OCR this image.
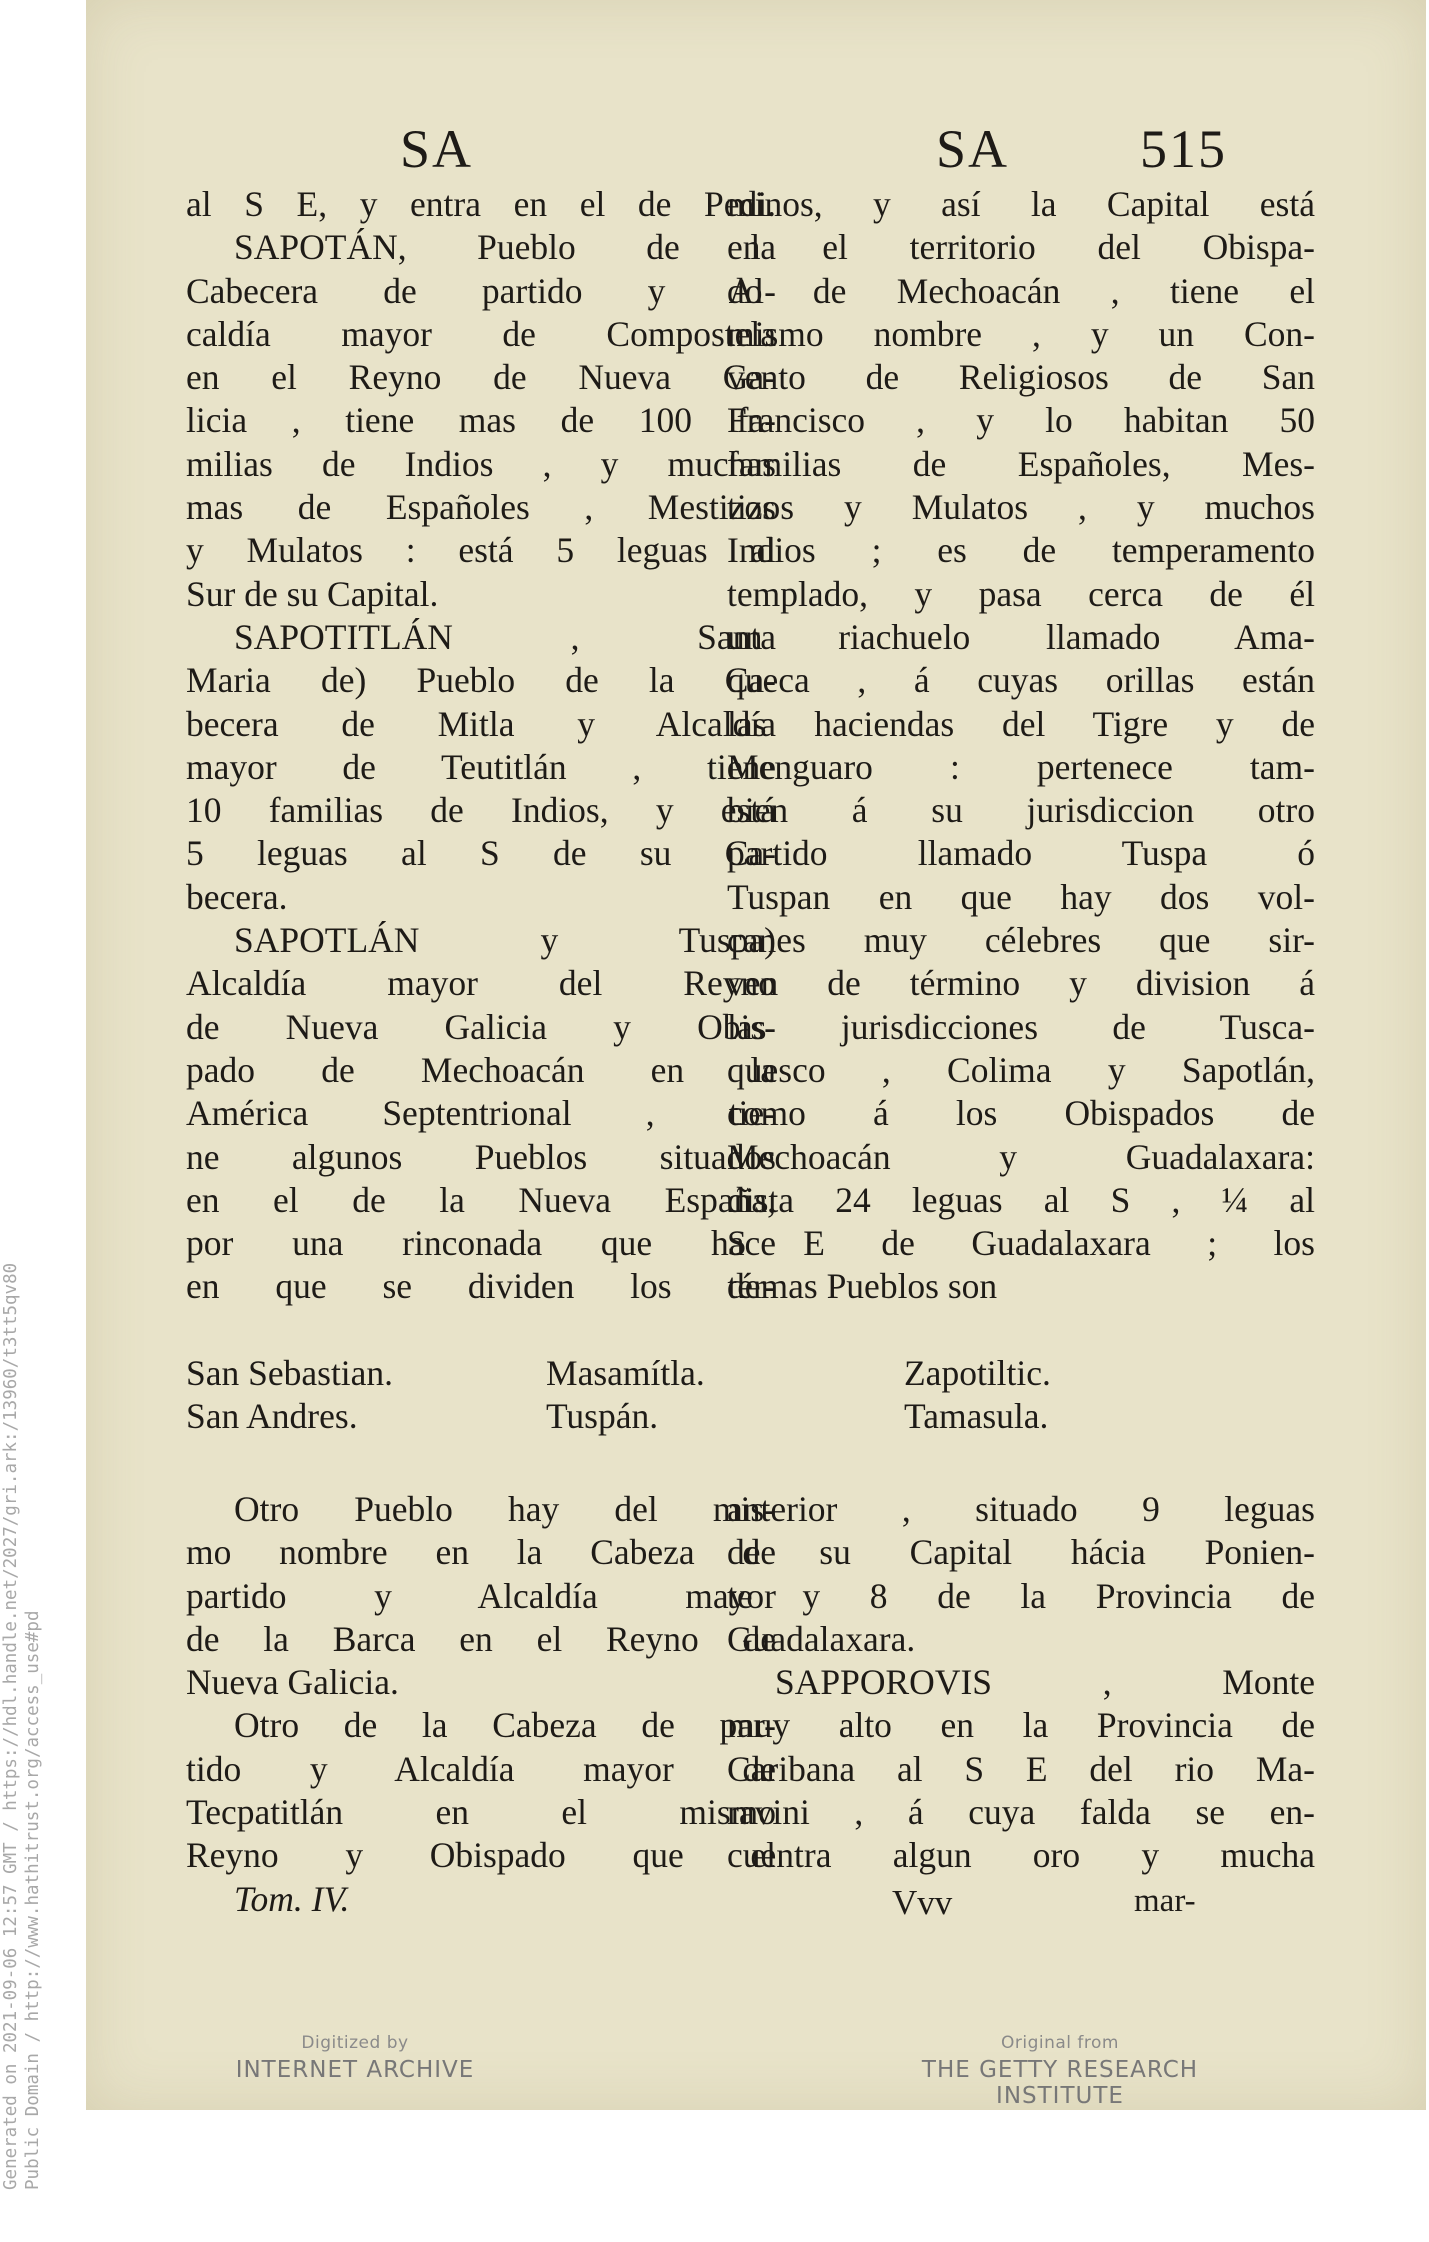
SA	SA 515
al S E, y entra en el de Pedi.
SAPOTÁN, Pueblo de la
Cabecera de partido y Al-
caldía mayor de Compostela
en el Reyno de Nueva Ga-
licia , tiene mas de 100 fa-
milias de Indios , y muchas
mas de Españoles , Mestizos
y Mulatos : está 5 leguas al
Sur de su Capital.
SAPOTITLÁN , Santa
Maria de) Pueblo de la Ca-
becera de Mitla y Alcaldía
mayor de Teutitlán , tiene
10 familias de Indios, y está
5 leguas al S de su Ca-
becera.
SAPOTLÁN y Tuspa)
Alcaldía mayor del Reyno
de Nueva Galicia y Obis-
pado de Mechoacán en la
América Septentrional , tie-
ne algunos Pueblos situados
en el de la Nueva España,
por una rinconada que hace
en que se dividen los tér-
minos, y así la Capital está
en el territorio del Obispa-
do de Mechoacán , tiene el
mismo nombre , y un Con-
vento de Religiosos de San
Francisco , y lo habitan 50
familias de Españoles, Mes-
tizos y Mulatos , y muchos
Indios ; es de temperamento
templado, y pasa cerca de él
un riachuelo llamado Ama-
queca , á cuyas orillas están
las haciendas del Tigre y de
Menguaro : pertenece tam-
bien á su jurisdiccion otro
partido llamado Tuspa ó
Tuspan en que hay dos vol-
canes muy célebres que sir-
ven de término y division á
las jurisdicciones de Tusca-
quesco , Colima y Sapotlán,
como á los Obispados de
Mechoacán y Guadalaxara:
dista 24 leguas al S , ¼ al
S E de Guadalaxara ; los
demas Pueblos son
San Sebastian.	Masamítla.	Zapotiltic.
San Andres.	Tuspán.	Tamasula.
Otro Pueblo hay del mis-
mo nombre en la Cabeza de
partido y Alcaldía mayor
de la Barca en el Reyno de
Nueva Galicia.
Otro de la Cabeza de par-
tido y Alcaldía mayor de
Tecpatitlán en el mismo
Reyno y Obispado que el
Tom. IV.
anterior , situado 9 leguas
de su Capital hácia Ponien-
te y 8 de la Provincia de
Guadalaxara.
SAPPOROVIS , Monte
muy alto en la Provincia de
Caribana al S E del rio Ma-
ravini , á cuya falda se en-
cuentra algun oro y mucha
Vvv	mar-
Digitized by
INTERNET ARCHIVE
Original from
THE GETTY RESEARCH INSTITUTE
Generated on 2021-09-06 12:57 GMT / https://hdl.handle.net/2027/gri.ark:/13960/t3tt5qv80 Public Domain / http://www.hathitrust.org/access_use#pd
